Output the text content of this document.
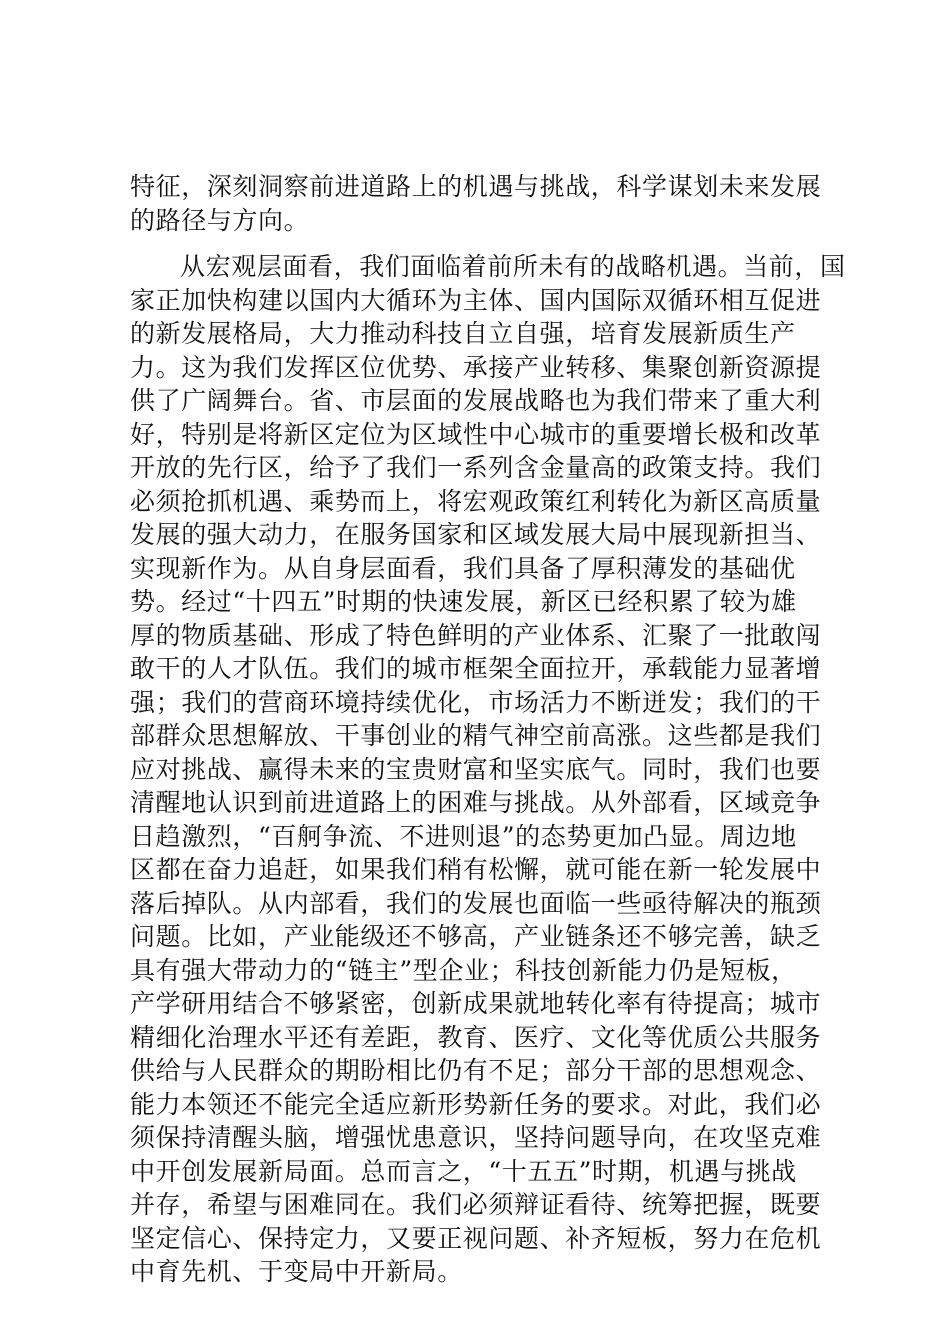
特征，深刻洞察前进道路上的机遇与挑战，科学谋划未来发展
的路径与方向。
从宏观层面看，我们面临着前所未有的战略机遇。当前，国
家正加快构建以国内大循环为主体、国内国际双循环相互促进
的新发展格局，大力推动科技自立自强，培育发展新质生产
力。这为我们发挥区位优势、承接产业转移、集聚创新资源提
供了广阔舞台。省、市层面的发展战略也为我们带来了重大利
好，特别是将新区定位为区域性中心城市的重要增长极和改革
开放的先行区，给予了我们一系列含金量高的政策支持。我们
必须抢抓机遇、乘势而上，将宏观政策红利转化为新区高质量
发展的强大动力，在服务国家和区域发展大局中展现新担当、
实现新作为。从自身层面看，我们具备了厚积薄发的基础优
势。经过“十四五”时期的快速发展，新区已经积累了较为雄
厚的物质基础、形成了特色鲜明的产业体系、汇聚了一批敢闯
敢干的人才队伍。我们的城市框架全面拉开，承载能力显著增
强；我们的营商环境持续优化，市场活力不断迸发；我们的干
部群众思想解放、干事创业的精气神空前高涨。这些都是我们
应对挑战、赢得未来的宝贵财富和坚实底气。同时，我们也要
清醒地认识到前进道路上的困难与挑战。从外部看，区域竞争
日趋激烈，“百舸争流、不进则退”的态势更加凸显。周边地
区都在奋力追赶，如果我们稍有松懈，就可能在新一轮发展中
落后掉队。从内部看，我们的发展也面临一些亟待解决的瓶颈
问题。比如，产业能级还不够高，产业链条还不够完善，缺乏
具有强大带动力的“链主”型企业；科技创新能力仍是短板，
产学研用结合不够紧密，创新成果就地转化率有待提高；城市
精细化治理水平还有差距，教育、医疗、文化等优质公共服务
供给与人民群众的期盼相比仍有不足；部分干部的思想观念、
能力本领还不能完全适应新形势新任务的要求。对此，我们必
须保持清醒头脑，增强忧患意识，坚持问题导向，在攻坚克难
中开创发展新局面。总而言之，“十五五”时期，机遇与挑战
并存，希望与困难同在。我们必须辩证看待、统筹把握，既要
坚定信心、保持定力，又要正视问题、补齐短板，努力在危机
中育先机、于变局中开新局。
